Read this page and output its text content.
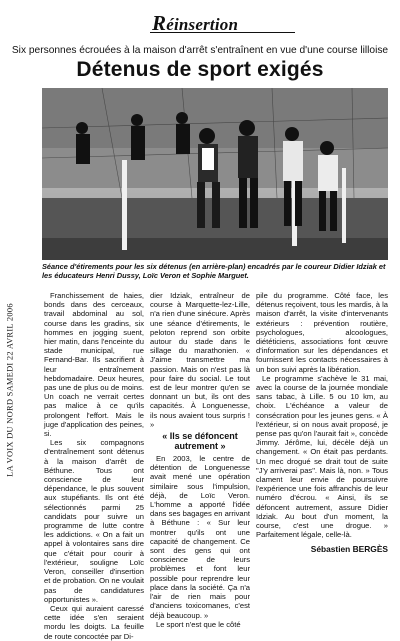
Réinsertion
Six personnes écrouées à la maison d'arrêt s'entraînent en vue d'une course lilloise
Détenus de sport exigés
LA VOIX DU NORD SAMEDI 22 AVRIL 2006
Séance d'étirements pour les six détenus (en arrière-plan) encadrés par le coureur Didier Idziak et les éducateurs Henri Dussy, Loïc Veron et Sophie Marguet.

Franchissement de haies, bonds dans des cerceaux, travail abdominal au sol, course dans les gradins, six hommes en jogging suent, hier matin, dans l'enceinte du stade municipal, rue Fernand-Bar. Ils sacrifient à leur entraînement hebdomadaire. Deux heures, pas une de plus ou de moins. Un coach ne verrait certes pas malice à ce qu'ils prolongent l'effort. Mais le juge d'application des peines, si.

Les six compagnons d'entraînement sont détenus à la maison d'arrêt de Béthune. Tous ont conscience de leur dépendance, le plus souvent aux stupéfiants. Ils ont été sélectionnés parmi 25 candidats pour suivre un programme de lutte contre les addictions. « On a fait un appel à volontaires sans dire que c'était pour courir à l'extérieur, souligne Loïc Veron, conseiller d'insertion et de probation. On ne voulait pas de candidatures opportunistes ».

Ceux qui auraient caressé cette idée s'en seraient mordu les doigts. La feuille de route concoctée par Di-

dier Idziak, entraîneur de course à Marquette-lez-Lille, n'a rien d'une sinécure. Après une séance d'étirements, le peloton reprend son orbite autour du stade dans le sillage du marathonien. « J'aime transmettre ma passion. Mais on n'est pas là pour faire du social. Le tout est de leur montrer qu'en se donnant un but, ils ont des capacités. À Longuenesse, ils nous avaient tous surpris ! »

« Ils se défoncent autrement »

En 2003, le centre de détention de Longuenesse avait mené une opération similaire sous l'impulsion, déjà, de Loïc Veron. L'homme a apporté l'idée dans ses bagages en arrivant à Béthune : « Sur leur montrer qu'ils ont une capacité de changement. Ce sont des gens qui ont conscience de leurs problèmes et font leur possible pour reprendre leur place dans la société. Ça n'a l'air de rien mais pour d'anciens toxicomanes, c'est déjà beaucoup. »

Le sport n'est que le côté

pile du programme. Côté face, les détenus reçoivent, tous les mardis, à la maison d'arrêt, la visite d'intervenants extérieurs : prévention routière, psychologues, alcoologues, diététiciens, associations font œuvre d'information sur les dépendances et fournissent les contacts nécessaires à un bon suivi après la libération.

Le programme s'achève le 31 mai, avec la course de la journée mondiale sans tabac, à Lille. 5 ou 10 km, au choix. L'échéance a valeur de consécration pour les jeunes gens. « À l'extérieur, si on nous avait proposé, je pense pas qu'on l'aurait fait », concède Jimmy. Jérôme, lui, décèle déjà un changement. « On était pas perdants. Un mec drogué se drait tout de suite "J'y arriverai pas". Mais là, non. » Tous clament leur envie de poursuivre l'expérience une fois affranchis de leur numéro d'écrou. « Ainsi, ils se défoncent autrement, assure Didier Idziak. Au bout d'un moment, la course, c'est une drogue. » Parfaitement légale, celle-là.

Sébastien BERGÈS
